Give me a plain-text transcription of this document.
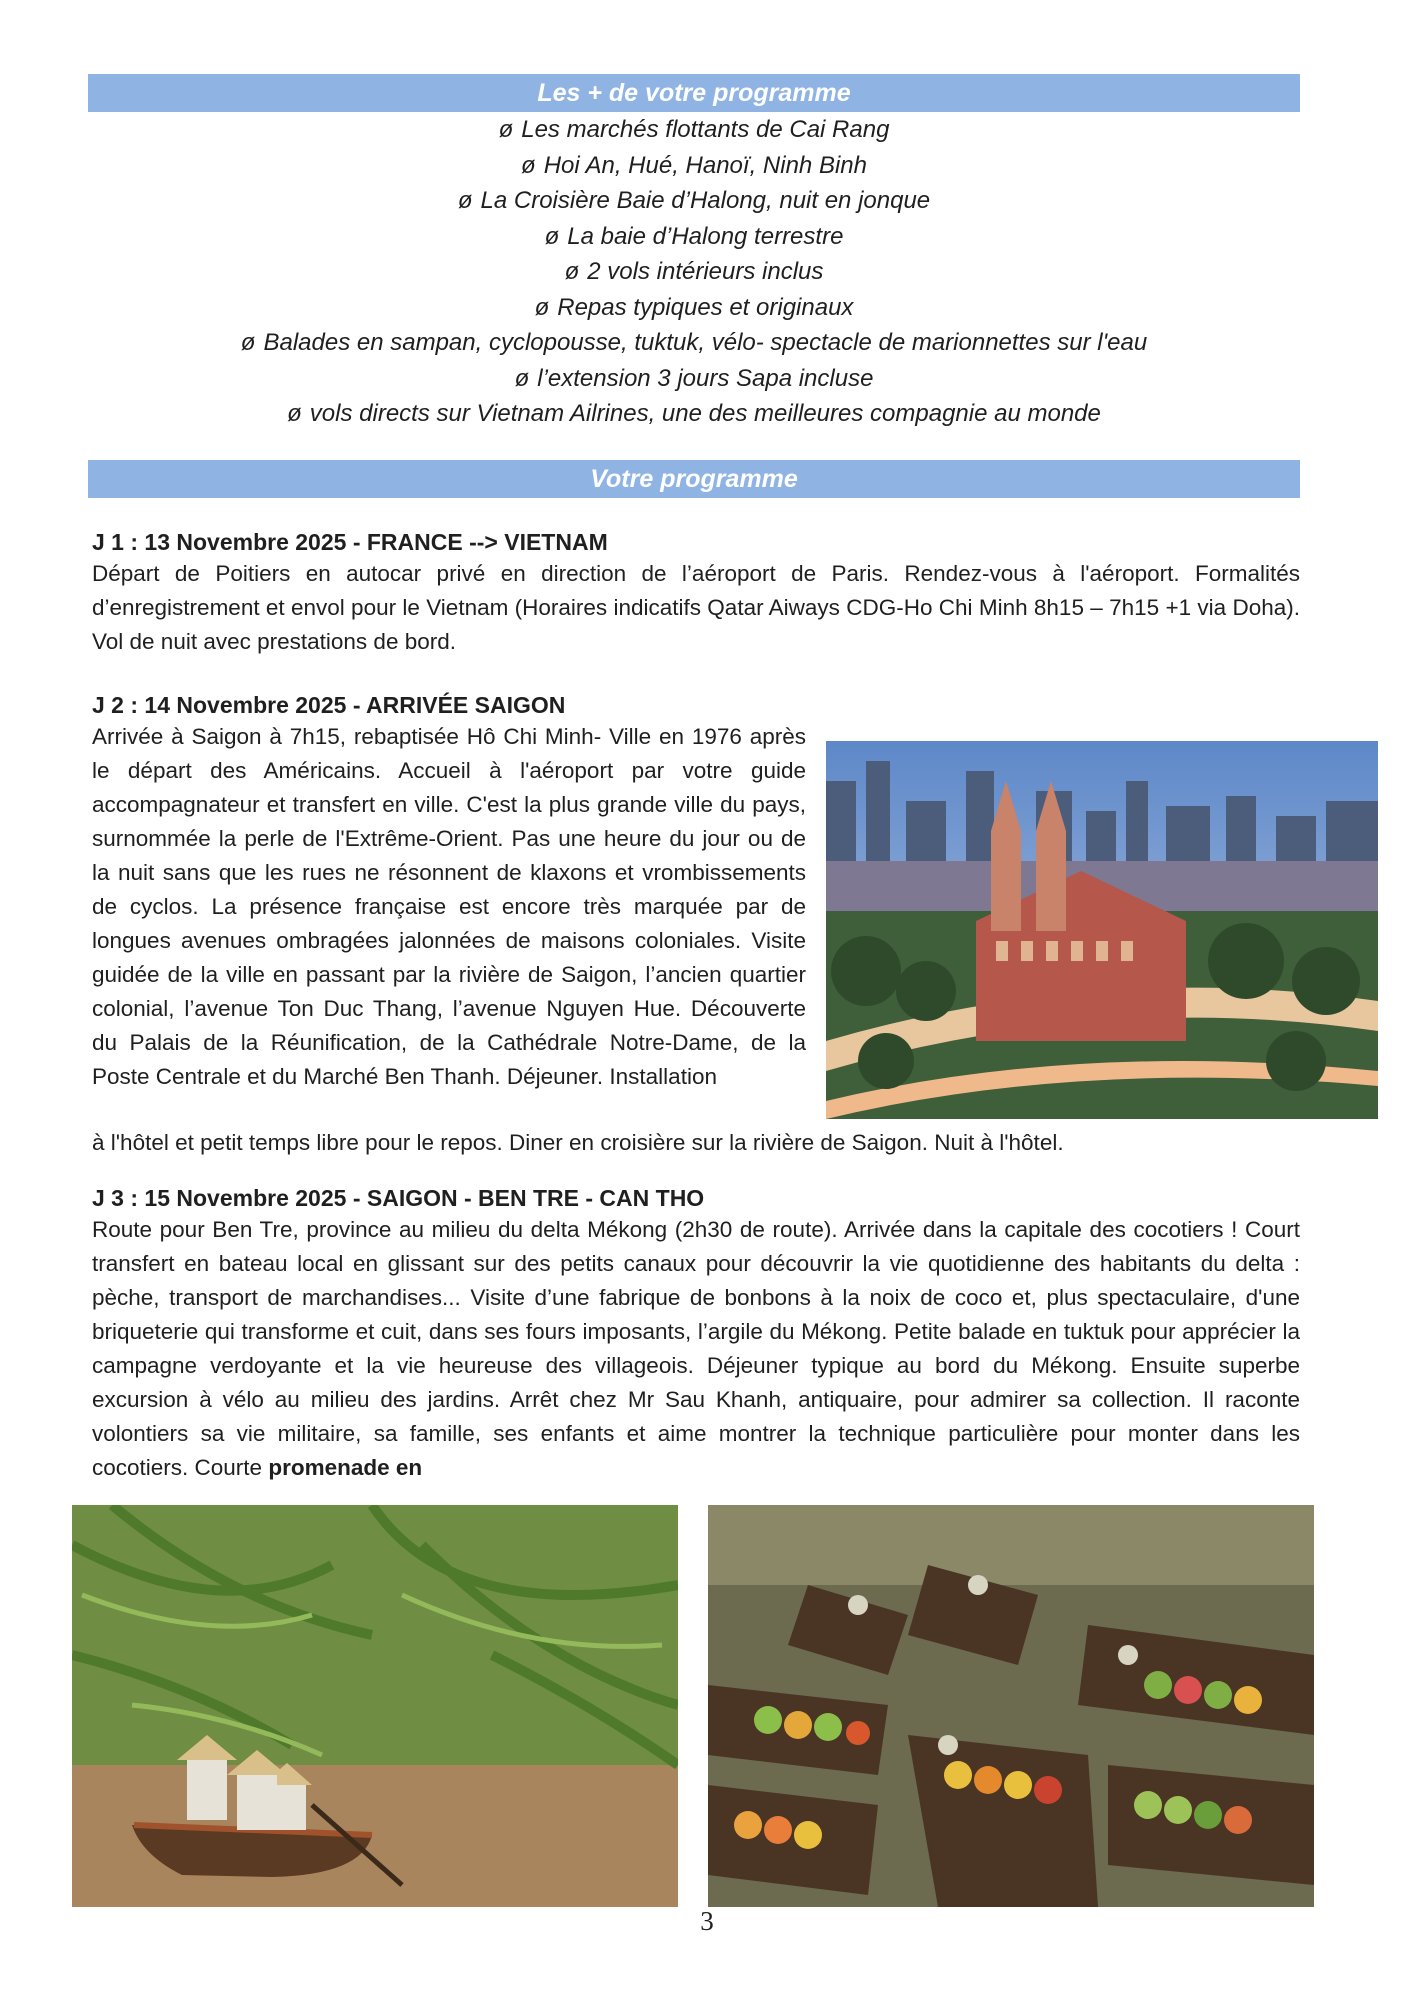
Les + de votre programme
ø Les marchés flottants de Cai Rang
ø Hoi An, Hué, Hanoï, Ninh Binh
ø La Croisière Baie d’Halong, nuit en jonque
ø La baie d’Halong terrestre
ø 2 vols intérieurs inclus
ø Repas typiques et originaux
ø Balades en sampan, cyclopousse, tuktuk, vélo- spectacle de marionnettes sur l'eau
ø l’extension 3 jours Sapa incluse
ø vols directs sur Vietnam Ailrines, une des meilleures compagnie au monde
Votre programme
J 1 : 13 Novembre 2025 - FRANCE --> VIETNAM

Départ de Poitiers en autocar privé en direction de l’aéroport de Paris. Rendez-vous à l'aéroport. Formalités d’enregistrement et envol pour le Vietnam (Horaires indicatifs Qatar Aiways CDG-Ho Chi Minh 8h15 – 7h15 +1 via Doha). Vol de nuit avec prestations de bord.

J 2 : 14 Novembre 2025 - ARRIVÉE SAIGON

Arrivée à Saigon à 7h15, rebaptisée Hô Chi Minh- Ville en 1976 après le départ des Américains. Accueil à l'aéroport par votre guide accompagnateur et transfert en ville. C'est la plus grande ville du pays, surnommée la perle de l'Extrême-Orient. Pas une heure du jour ou de la nuit sans que les rues ne résonnent de klaxons et vrombissements de cyclos. La présence française est encore très marquée par de longues avenues ombragées jalonnées de maisons coloniales. Visite guidée de la ville en passant par la rivière de Saigon, l’ancien quartier colonial, l’avenue Ton Duc Thang, l’avenue Nguyen Hue. Découverte du Palais de la Réunification, de la Cathédrale Notre-Dame, de la Poste Centrale et du Marché Ben Thanh. Déjeuner. Installation

à l'hôtel et petit temps libre pour le repos. Diner en croisière sur la rivière de Saigon. Nuit à l'hôtel.

J 3 : 15 Novembre 2025 - SAIGON - BEN TRE - CAN THO

Route pour Ben Tre, province au milieu du delta Mékong (2h30 de route). Arrivée dans la capitale des cocotiers ! Court transfert en bateau local en glissant sur des petits canaux pour découvrir la vie quotidienne des habitants du delta : pèche, transport de marchandises... Visite d’une fabrique de bonbons à la noix de coco et, plus spectaculaire, d'une briqueterie qui transforme et cuit, dans ses fours imposants, l’argile du Mékong. Petite balade en tuktuk pour apprécier la campagne verdoyante et la vie heureuse des villageois. Déjeuner typique au bord du Mékong. Ensuite superbe excursion à vélo au milieu des jardins. Arrêt chez Mr Sau Khanh, antiquaire, pour admirer sa collection. Il raconte volontiers sa vie militaire, sa famille, ses enfants et aime montrer la technique particulière pour monter dans les cocotiers. Courte promenade en

3
